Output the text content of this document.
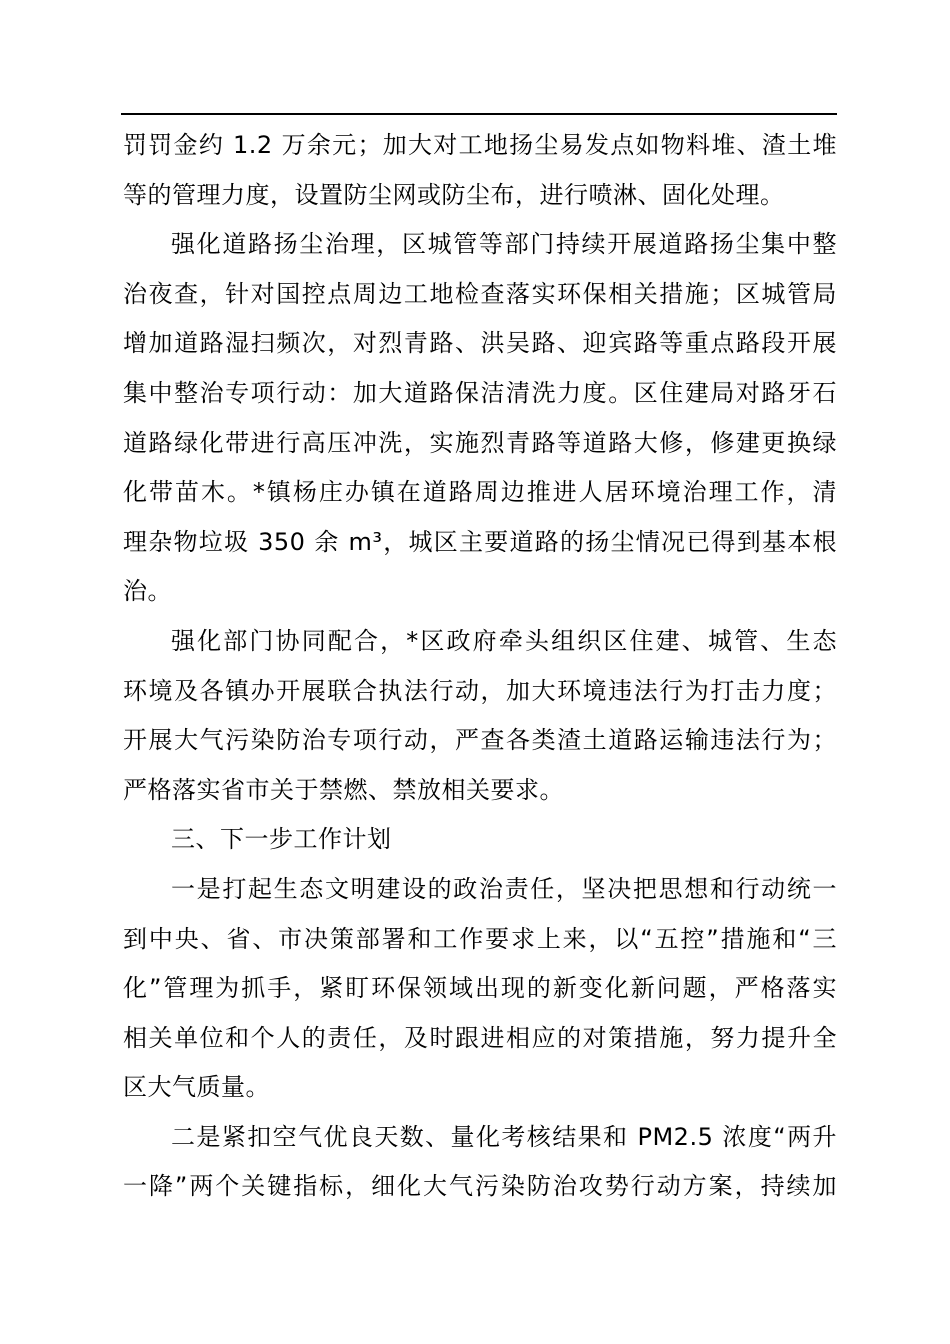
罚罚金约 1.2 万余元；加大对工地扬尘易发点如物料堆、渣土堆
等的管理力度，设置防尘网或防尘布，进行喷淋、固化处理。
强化道路扬尘治理，区城管等部门持续开展道路扬尘集中整
治夜查，针对国控点周边工地检查落实环保相关措施；区城管局
增加道路湿扫频次，对烈青路、洪吴路、迎宾路等重点路段开展
集中整治专项行动：加大道路保洁清洗力度。区住建局对路牙石
道路绿化带进行高压冲洗，实施烈青路等道路大修，修建更换绿
化带苗木。*镇杨庄办镇在道路周边推进人居环境治理工作，清
理杂物垃圾 350 余 m³，城区主要道路的扬尘情况已得到基本根
治。
强化部门协同配合，*区政府牵头组织区住建、城管、生态
环境及各镇办开展联合执法行动，加大环境违法行为打击力度；
开展大气污染防治专项行动，严查各类渣土道路运输违法行为；
严格落实省市关于禁燃、禁放相关要求。
三、下一步工作计划
一是打起生态文明建设的政治责任，坚决把思想和行动统一
到中央、省、市决策部署和工作要求上来，以“五控”措施和“三
化”管理为抓手，紧盯环保领域出现的新变化新问题，严格落实
相关单位和个人的责任，及时跟进相应的对策措施，努力提升全
区大气质量。
二是紧扣空气优良天数、量化考核结果和 PM2.5 浓度“两升
一降”两个关键指标，细化大气污染防治攻势行动方案，持续加
